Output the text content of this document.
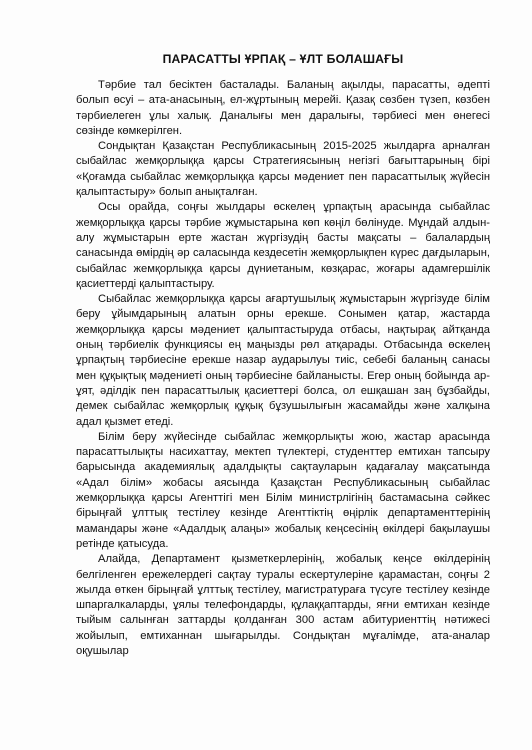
ПАРАСАТТЫ ҰРПАҚ – ҰЛТ БОЛАШАҒЫ

Тәрбие тал бесіктен басталады. Баланың ақылды, парасатты, әдепті болып өсуі – ата-анасының, ел-жұртының мерейі. Қазақ сөзбен түзеп, көзбен тәрбиелеген ұлы халық. Даналығы мен даралығы, тәрбиесі мен өнегесі сөзінде көмкерілген.

Сондықтан Қазақстан Республикасының 2015-2025 жылдарға арналған сыбайлас жемқорлыққа қарсы Стратегиясының негізгі бағыттарының бірі «Қоғамда сыбайлас жемқорлыққа қарсы мәдениет пен парасаттылық жүйесін қалыптастыру» болып анықталған.

Осы орайда, соңғы жылдары өскелең ұрпақтың арасында сыбайлас жемқорлыққа қарсы тәрбие жұмыстарына көп көңіл бөлінуде. Мұндай алдын-алу жұмыстарын ерте жастан жүргізудің басты мақсаты – балалардың санасында өмірдің әр саласында кездесетін жемқорлықпен күрес дағдыларын, сыбайлас жемқорлыққа қарсы дүниетаным, көзқарас, жоғары адамгершілік қасиеттерді қалыптастыру.

Сыбайлас жемқорлыққа қарсы ағартушылық жұмыстарын жүргізуде білім беру ұйымдарының алатын орны ерекше. Сонымен қатар, жастарда жемқорлыққа қарсы мәдениет қалыптастыруда отбасы, нақтырақ айтқанда оның тәрбиелік функциясы ең маңызды рөл атқарады. Отбасында өскелең ұрпақтың тәрбиесіне ерекше назар аударылуы тиіс, себебі баланың санасы мен құқықтық мәдениеті оның тәрбиесіне байланысты. Егер оның бойында ар-ұят, әділдік пен парасаттылық қасиеттері болса, ол ешқашан заң бұзбайды, демек сыбайлас жемқорлық құқық бұзушылығын жасамайды және халқына адал қызмет етеді.

Білім беру жүйесінде сыбайлас жемқорлықты жою, жастар арасында парасаттылықты насихаттау, мектеп түлектері, студенттер емтихан тапсыру барысында академиялық адалдықты сақтауларын қадағалау мақсатында «Адал білім» жобасы аясында Қазақстан Республикасының сыбайлас жемқорлыққа қарсы Агенттігі мен Білім министрлігінің бастамасына сәйкес бірыңғай ұлттық тестілеу кезінде Агенттіктің өңірлік департаменттерінің мамандары және «Адалдық алаңы» жобалық кеңсесінің өкілдері бақылаушы ретінде қатысуда.

Алайда, Департамент қызметкерлерінің, жобалық кеңсе өкілдерінің белгіленген ережелердегі сақтау туралы ескертулеріне қарамастан, соңғы 2 жылда өткен бірыңғай ұлттық тестілеу, магистратураға түсуге тестілеу кезінде шпаргалкаларды, ұялы телефондарды, құлаққаптарды, яғни емтихан кезінде тыйым салынған заттарды қолданған 300 астам абитуриенттің нәтижесі жойылып, емтиханнан шығарылды. Сондықтан мұғалімде, ата-аналар оқушылар
